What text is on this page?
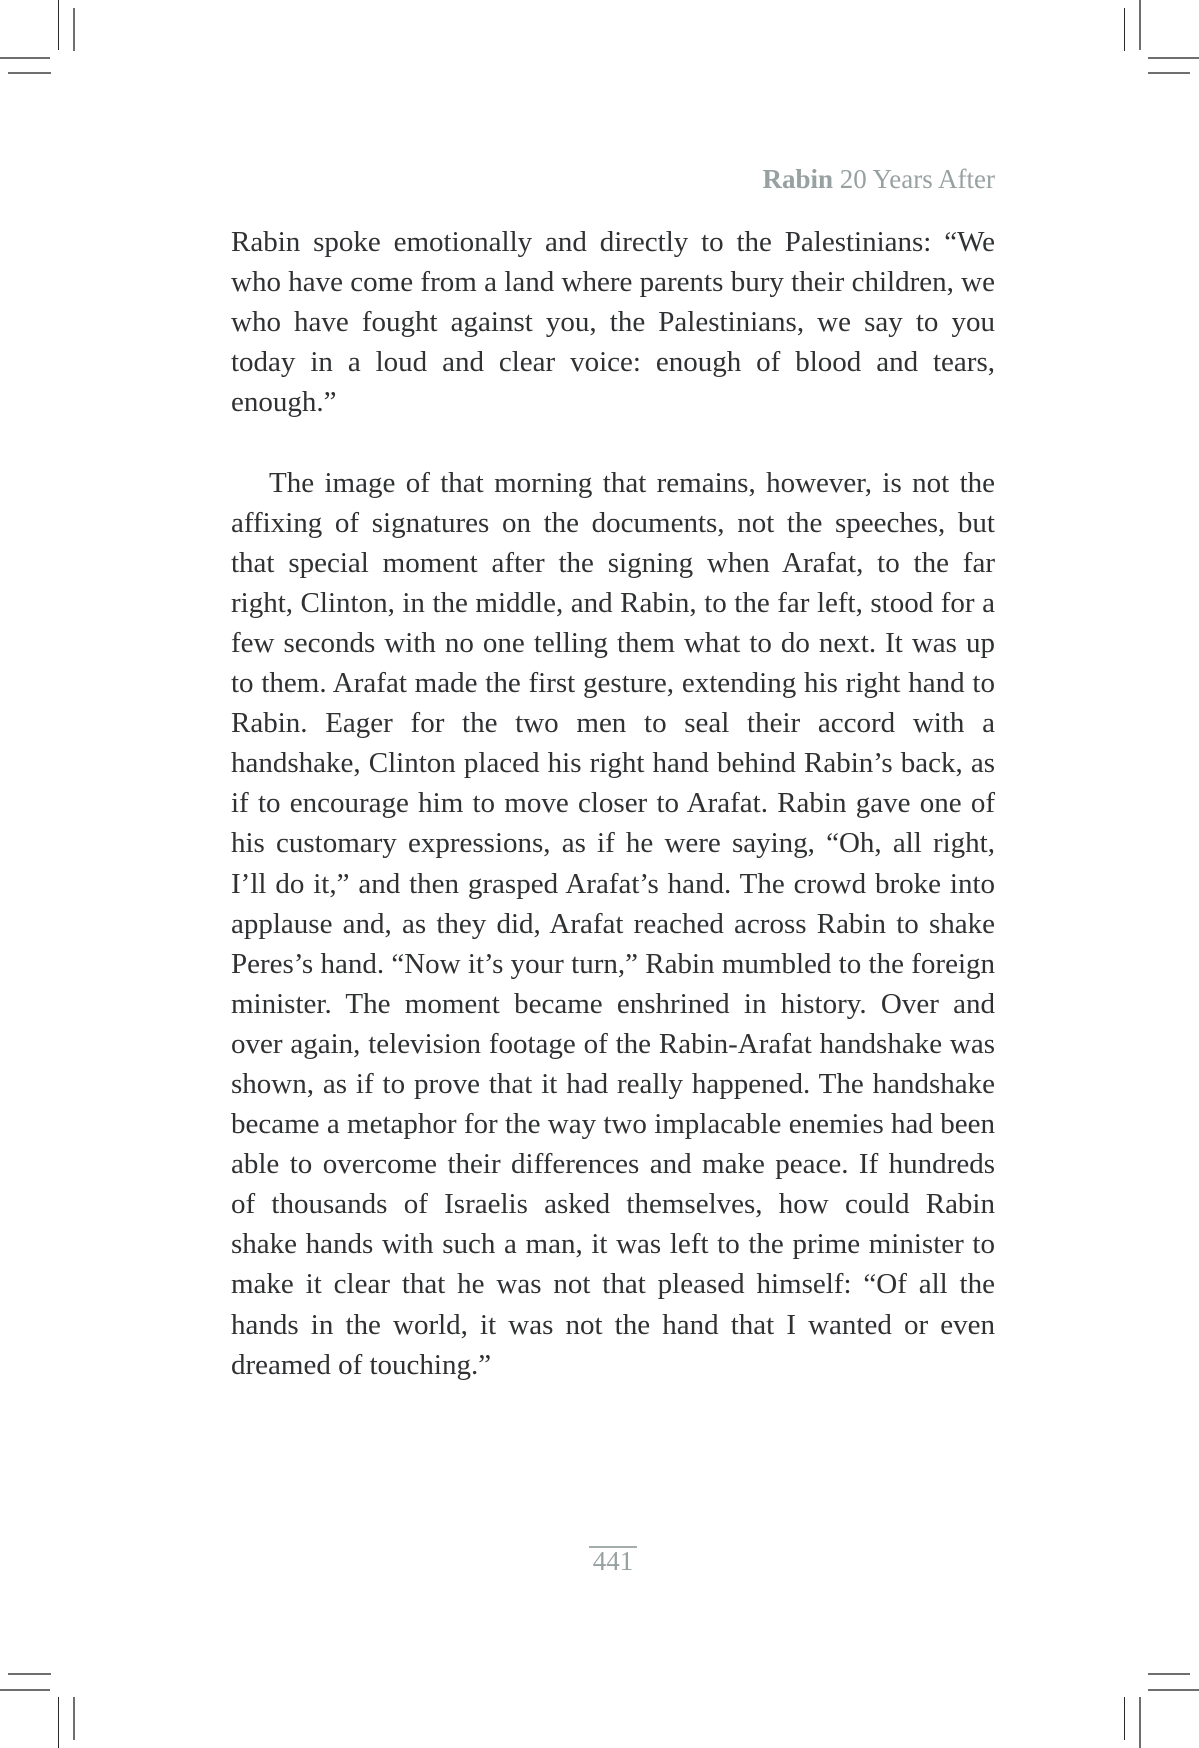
Rabin 20 Years After

Rabin spoke emotionally and directly to the Palestinians: “We who have come from a land where parents bury their children, we who have fought against you, the Palestinians, we say to you today in a loud and clear voice: enough of blood and tears, enough.”

The image of that morning that remains, however, is not the affixing of signatures on the documents, not the speeches, but that special moment after the signing when Arafat, to the far right, Clinton, in the middle, and Rabin, to the far left, stood for a few seconds with no one telling them what to do next. It was up to them. Arafat made the first gesture, extending his right hand to Rabin. Eager for the two men to seal their accord with a handshake, Clinton placed his right hand behind Rabin’s back, as if to encourage him to move closer to Arafat. Rabin gave one of his customary expressions, as if he were saying, “Oh, all right, I’ll do it,” and then grasped Arafat’s hand. The crowd broke into applause and, as they did, Arafat reached across Rabin to shake Peres’s hand. “Now it’s your turn,” Rabin mumbled to the foreign minister. The moment became enshrined in history. Over and over again, television footage of the Rabin-Arafat handshake was shown, as if to prove that it had really happened. The handshake became a metaphor for the way two implacable enemies had been able to overcome their differences and make peace. If hundreds of thousands of Israelis asked themselves, how could Rabin shake hands with such a man, it was left to the prime minister to make it clear that he was not that pleased himself: “Of all the hands in the world, it was not the hand that I wanted or even dreamed of touching.”

441
